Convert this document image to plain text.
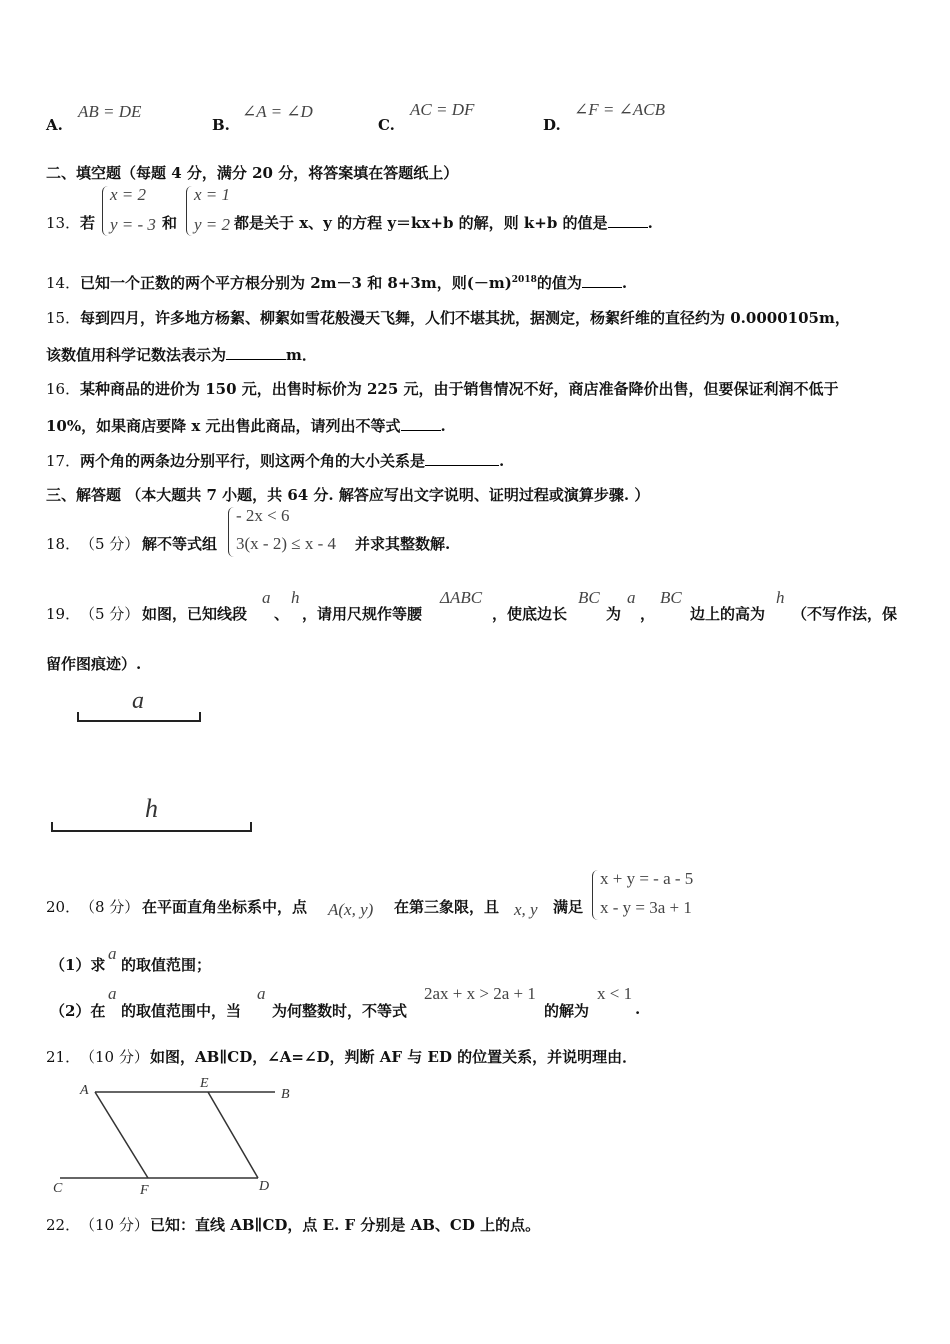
A.
AB = DE
B.
∠A = ∠D
C.
AC = DF
D.
∠F = ∠ACB
二、填空题（每题 4 分，满分 20 分，将答案填在答题纸上）
13． 若
x = 2
y = - 3 和
x = 1
y = 2 都是关于 x、y 的方程 y＝kx+b 的解，则 k+b 的值是	.
14． 已知一个正数的两个平方根分别为 2m－3 和 8+3m，则$(-m)^{2018}$的值为	.
15． 每到四月，许多地方杨絮、柳絮如雪花般漫天飞舞，人们不堪其扰，据测定，杨絮纤维的直径约为 0.0000105m，
该数值用科学记数法表示为	m．
16． 某种商品的进价为 150 元，出售时标价为 225 元，由于销售情况不好，商店准备降价出售，但要保证利润不低于
10%，如果商店要降 x 元出售此商品，请列出不等式	.
17． 两个角的两条边分别平行，则这两个角的大小关系是	.
三、解答题 （本大题共 7 小题，共 64 分. 解答应写出文字说明、证明过程或演算步骤. ）
18． （5 分） 解不等式组
- 2x < 6
3(x - 2) ≤ x - 4 并求其整数解.
19． （5 分） 如图，已知线段
a
、
h
，请用尺规作等腰
ΔABC
，使底边长
BC
为
a
，
BC
边上的高为
h
（不写作法，保
留作图痕迹）.
a
h
20． （8 分） 在平面直角坐标系中，点 A(x, y) 在第三象限，且 x, y 满足
x + y = - a - 5
x - y = 3a + 1
（1）求
a
的取值范围；
（2）在
a
的取值范围中，当
a
为何整数时，不等式
2ax + x > 2a + 1
的解为
x < 1
.
21． （10 分） 如图，AB∥CD，∠A=∠D，判断 AF 与 ED 的位置关系，并说明理由．
A	E
B
C	F	D
22． （10 分） 已知：直线 AB∥CD，点 E. F 分别是 AB、CD 上的点。
